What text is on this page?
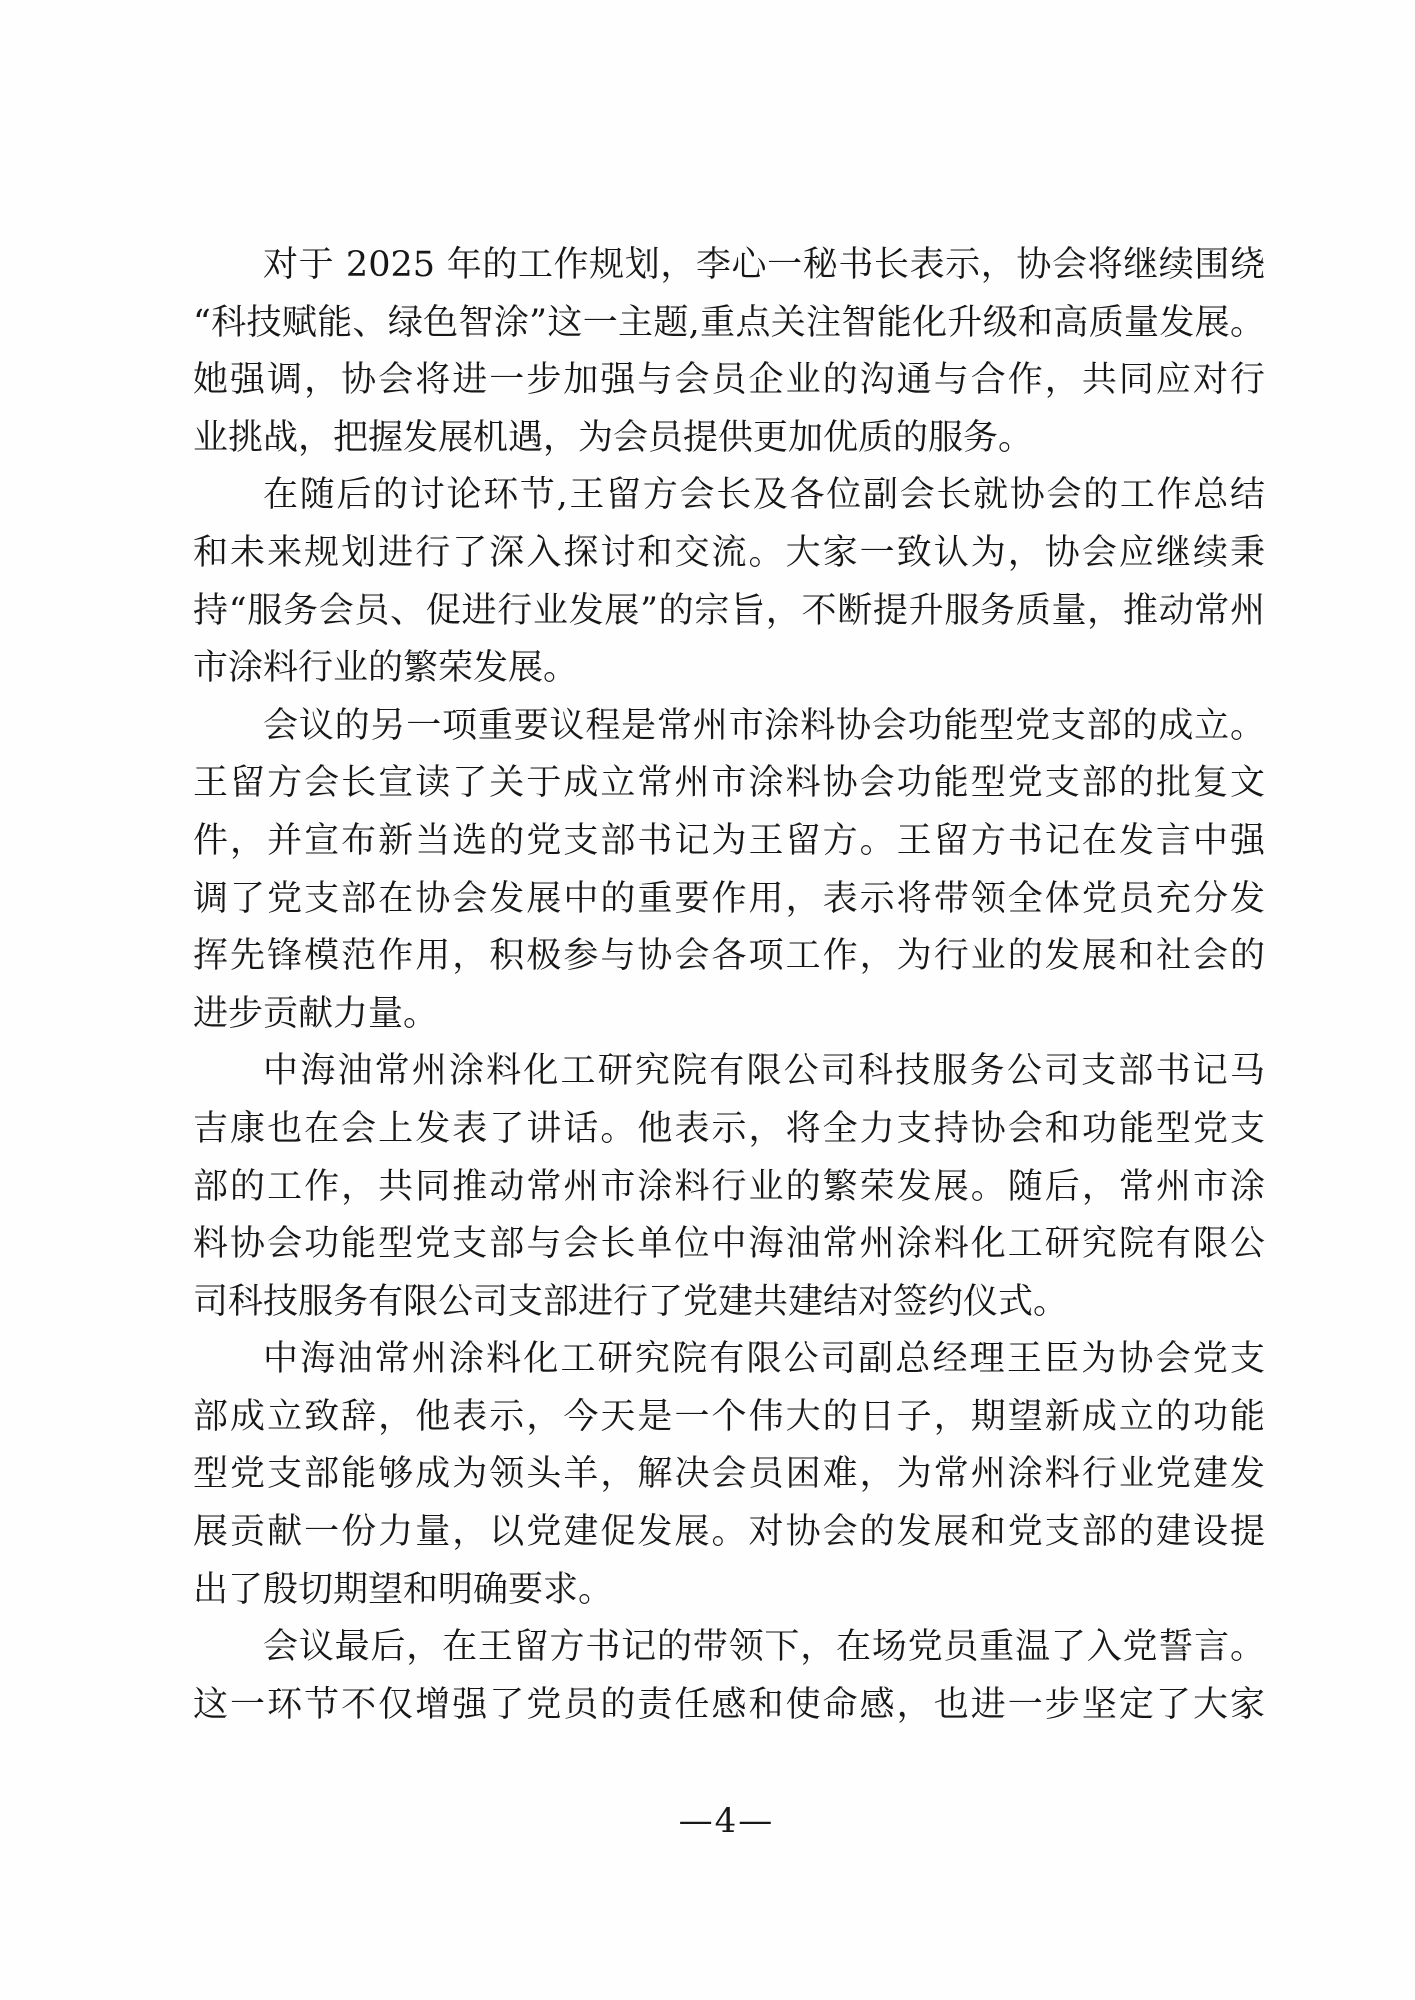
对于 2025 年的工作规划，李心一秘书长表示，协会将继续围绕
“科技赋能、绿色智涂”这一主题,重点关注智能化升级和高质量发展。
她强调，协会将进一步加强与会员企业的沟通与合作，共同应对行
业挑战，把握发展机遇，为会员提供更加优质的服务。
在随后的讨论环节,王留方会长及各位副会长就协会的工作总结
和未来规划进行了深入探讨和交流。大家一致认为，协会应继续秉
持“服务会员、促进行业发展”的宗旨，不断提升服务质量，推动常州
市涂料行业的繁荣发展。
会议的另一项重要议程是常州市涂料协会功能型党支部的成立。
王留方会长宣读了关于成立常州市涂料协会功能型党支部的批复文
件，并宣布新当选的党支部书记为王留方。王留方书记在发言中强
调了党支部在协会发展中的重要作用，表示将带领全体党员充分发
挥先锋模范作用，积极参与协会各项工作，为行业的发展和社会的
进步贡献力量。
中海油常州涂料化工研究院有限公司科技服务公司支部书记马
吉康也在会上发表了讲话。他表示，将全力支持协会和功能型党支
部的工作，共同推动常州市涂料行业的繁荣发展。随后，常州市涂
料协会功能型党支部与会长单位中海油常州涂料化工研究院有限公
司科技服务有限公司支部进行了党建共建结对签约仪式。
中海油常州涂料化工研究院有限公司副总经理王臣为协会党支
部成立致辞，他表示，今天是一个伟大的日子，期望新成立的功能
型党支部能够成为领头羊，解决会员困难，为常州涂料行业党建发
展贡献一份力量，以党建促发展。对协会的发展和党支部的建设提
出了殷切期望和明确要求。
会议最后，在王留方书记的带领下，在场党员重温了入党誓言。
这一环节不仅增强了党员的责任感和使命感，也进一步坚定了大家
—4—
